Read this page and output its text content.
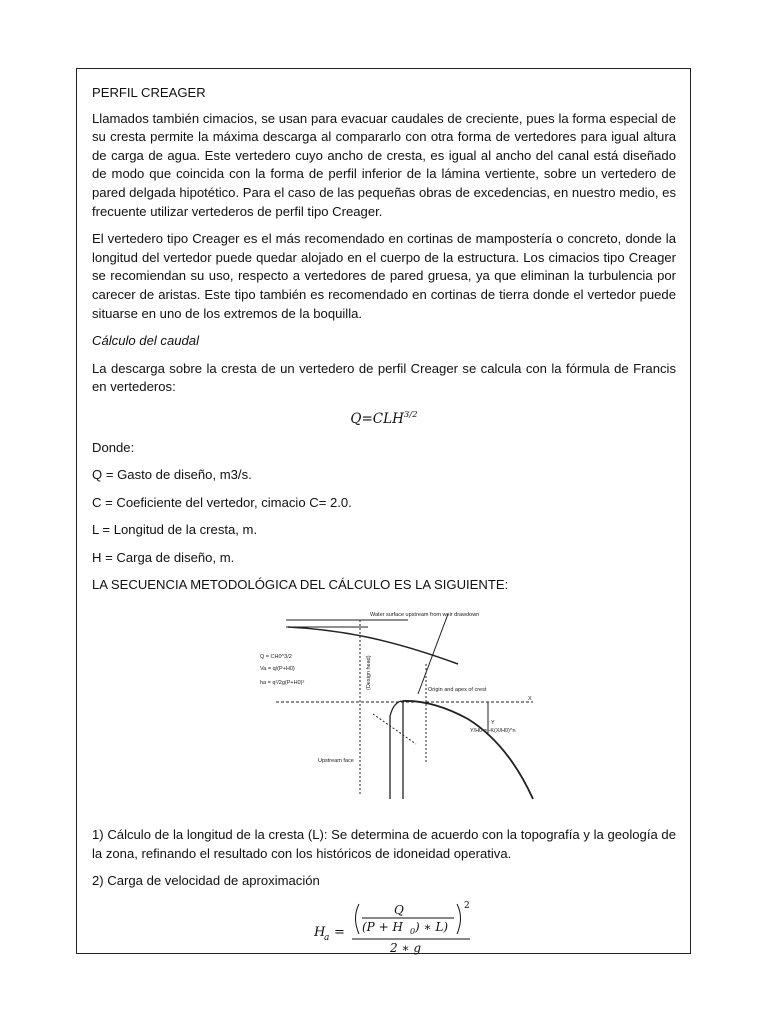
PERFIL CREAGER

Llamados también cimacios, se usan para evacuar caudales de creciente, pues la forma especial de su cresta permite la máxima descarga al compararlo con otra forma de vertedores para igual altura de carga de agua. Este vertedero cuyo ancho de cresta, es igual al ancho del canal está diseñado de modo que coincida con la forma de perfil inferior de la lámina vertiente, sobre un vertedero de pared delgada hipotético. Para el caso de las pequeñas obras de excedencias, en nuestro medio, es frecuente utilizar vertederos de perfil tipo Creager.

El vertedero tipo Creager es el más recomendado en cortinas de mampostería o concreto, donde la longitud del vertedor puede quedar alojado en el cuerpo de la estructura. Los cimacios tipo Creager se recomiendan su uso, respecto a vertedores de pared gruesa, ya que eliminan la turbulencia por carecer de aristas. Este tipo también es recomendado en cortinas de tierra donde el vertedor puede situarse en uno de los extremos de la boquilla.

Cálculo del caudal

La descarga sobre la cresta de un vertedero de perfil Creager se calcula con la fórmula de Francis en vertederos:

$Q=CLH^{3/2}$

Donde:

Q = Gasto de diseño, m3/s.

C = Coeficiente del vertedor, cimacio C= 2.0.

L = Longitud de la cresta, m.

H = Carga de diseño, m.

LA SECUENCIA METODOLÓGICA DEL CÁLCULO ES LA SIGUIENTE:

Water surface upstream from weir drawdown
Origin and apex of crest
Upstream face
(Design head)
X
Y
Q = CH0^3/2
Va = q/(P+H0)
ha = q²/2g(P+H0)²
Y/H0 = -K(X/H0)^n

1) Cálculo de la longitud de la cresta (L): Se determina de acuerdo con la topografía y la geología de la zona, refinando el resultado con los históricos de idoneidad operativa.

2) Carga de velocidad de aproximación

H
a =
Q
(P + H 0 ) ∗ L)
2
2 ∗ g
